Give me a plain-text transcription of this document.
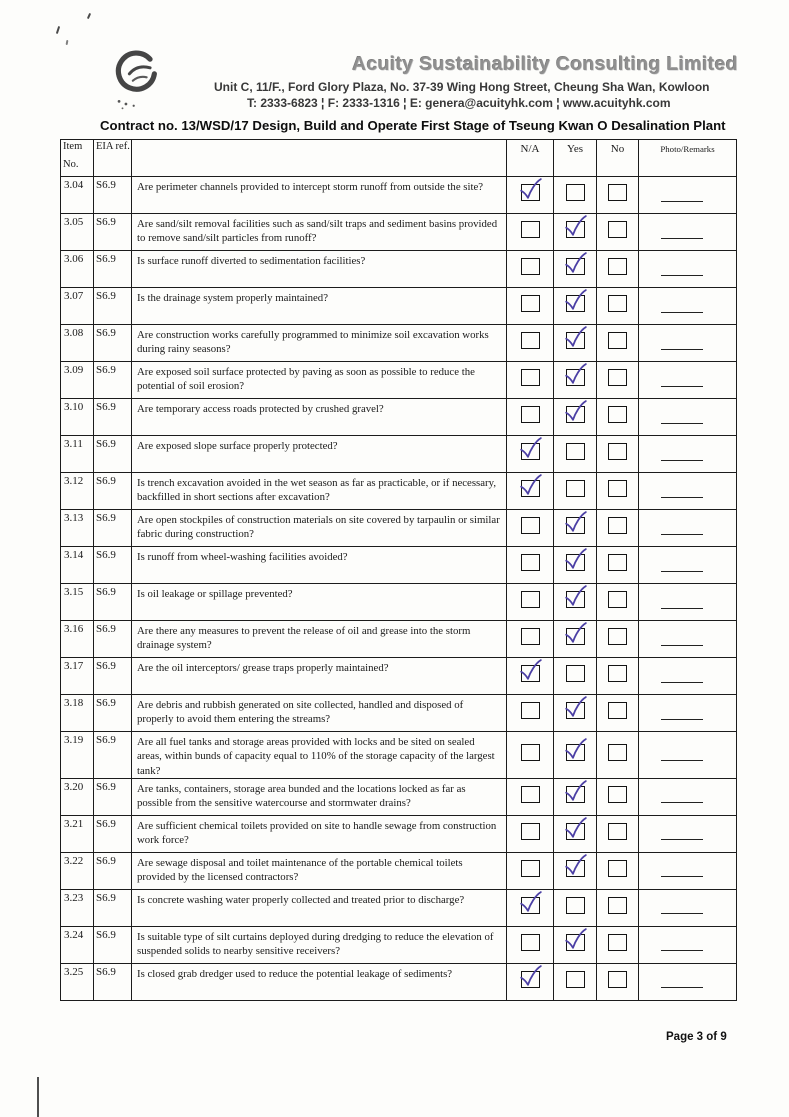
Acuity Sustainability Consulting Limited
Unit C, 11/F., Ford Glory Plaza, No. 37-39 Wing Hong Street, Cheung Sha Wan, Kowloon
T: 2333-6823 ¦ F: 2333-1316 ¦ E: genera@acuityhk.com ¦ www.acuityhk.com
Contract no. 13/WSD/17 Design, Build and Operate First Stage of Tseung Kwan O Desalination Plant
Item
No.	EIA ref.		N/A	Yes	No	Photo/Remarks
3.04	S6.9	Are perimeter channels provided to intercept storm runoff from outside the site?	

3.05	S6.9	Are sand/silt removal facilities such as sand/silt traps and sediment basins provided to remove sand/silt particles from runoff?		

3.06	S6.9	Is surface runoff diverted to sedimentation facilities?		

3.07	S6.9	Is the drainage system properly maintained?		

3.08	S6.9	Are construction works carefully programmed to minimize soil excavation works during rainy seasons?		

3.09	S6.9	Are exposed soil surface protected by paving as soon as possible to reduce the potential of soil erosion?		

3.10	S6.9	Are temporary access roads protected by crushed gravel?		

3.11	S6.9	Are exposed slope surface properly protected?	

3.12	S6.9	Is trench excavation avoided in the wet season as far as practicable, or if necessary, backfilled in short sections after excavation?	

3.13	S6.9	Are open stockpiles of construction materials on site covered by tarpaulin or similar fabric during construction?		

3.14	S6.9	Is runoff from wheel-washing facilities avoided?		

3.15	S6.9	Is oil leakage or spillage prevented?		

3.16	S6.9	Are there any measures to prevent the release of oil and grease into the storm drainage system?		

3.17	S6.9	Are the oil interceptors/ grease traps properly maintained?	

3.18	S6.9	Are debris and rubbish generated on site collected, handled and disposed of properly to avoid them entering the streams?		

3.19	S6.9	Are all fuel tanks and storage areas provided with locks and be sited on sealed areas, within bunds of capacity equal to 110% of the storage capacity of the largest tank?		

3.20	S6.9	Are tanks, containers, storage area bunded and the locations locked as far as possible from the sensitive watercourse and stormwater drains?		

3.21	S6.9	Are sufficient chemical toilets provided on site to handle sewage from construction work force?		

3.22	S6.9	Are sewage disposal and toilet maintenance of the portable chemical toilets provided by the licensed contractors?		

3.23	S6.9	Is concrete washing water properly collected and treated prior to discharge?	

3.24	S6.9	Is suitable type of silt curtains deployed during dredging to reduce the elevation of suspended solids to nearby sensitive receivers?		

3.25	S6.9	Is closed grab dredger used to reduce the potential leakage of sediments?	

Page 3 of 9
